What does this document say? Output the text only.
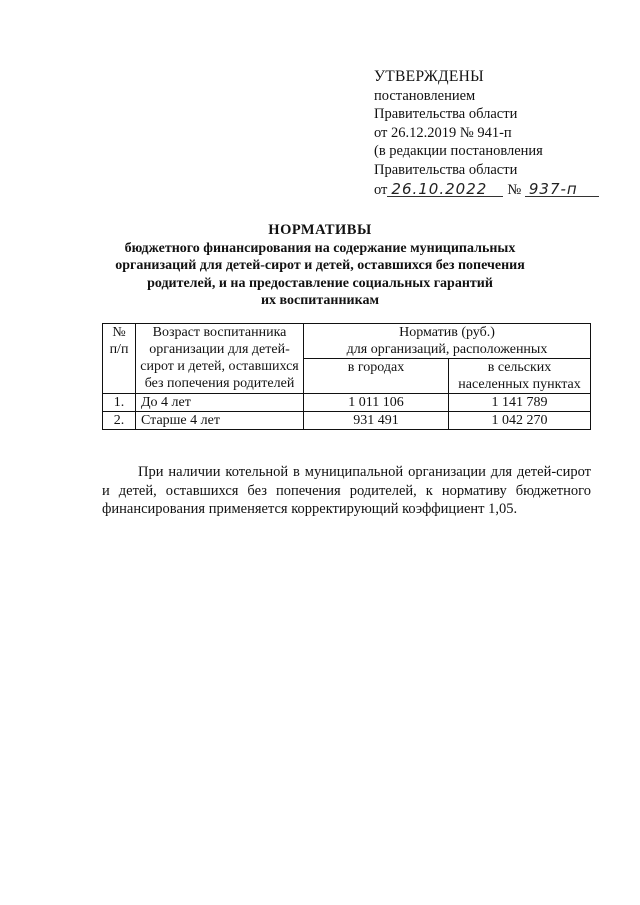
УТВЕРЖДЕНЫ
постановлением
Правительства области
от 26.12.2019 № 941-п
(в редакции постановления
Правительства области
от 26.10.2022 № 937-п
НОРМАТИВЫ
бюджетного финансирования на содержание муниципальных
организаций для детей-сирот и детей, оставшихся без попечения
родителей, и на предоставление социальных гарантий
их воспитанникам
№ п/п	Возраст воспитанника организации для детей-сирот и детей, оставшихся без попечения родителей	Норматив (руб.)
для организаций, расположенных	

		в городах	в сельских населенных пунктах
1.	До 4 лет	1 011 106	1 141 789
2.	Старше 4 лет	931 491	1 042 270
При наличии котельной в муниципальной организации для детей-сирот и детей, оставшихся без попечения родителей, к нормативу бюджетного финансирования применяется корректирующий коэффициент 1,05.
